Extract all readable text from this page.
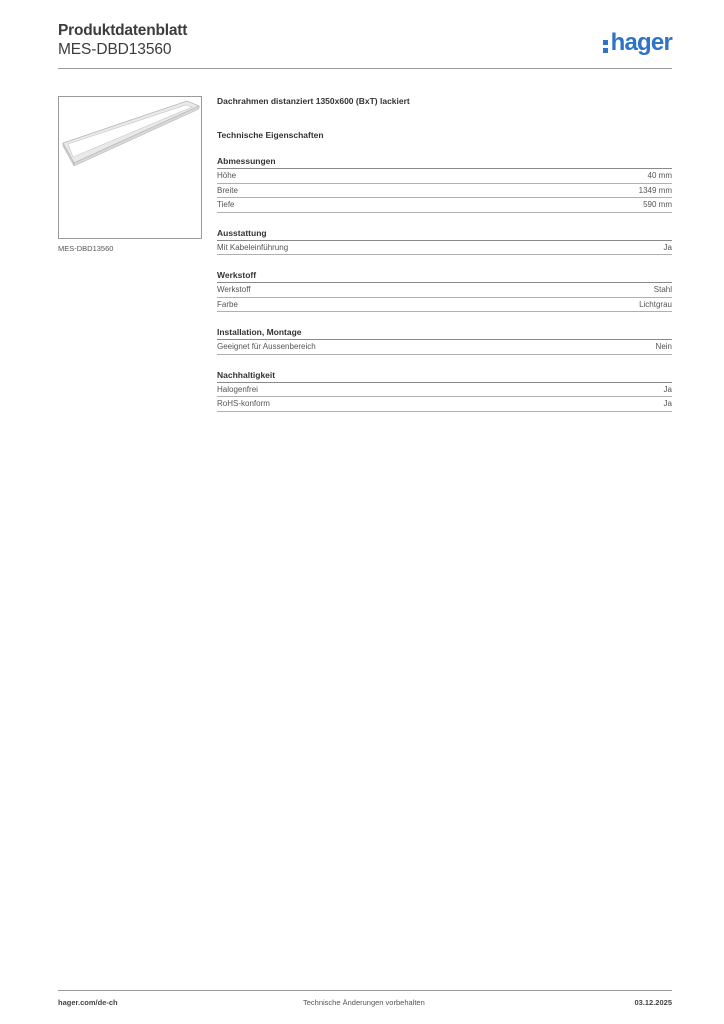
Produktdatenblatt
MES-DBD13560	hager
MES-DBD13560
Dachrahmen distanziert 1350x600 (BxT) lackiert
Technische Eigenschaften
Abmessungen
Höhe	40 mm
Breite	1349 mm
Tiefe	590 mm
Ausstattung
Mit Kabeleinführung	Ja
Werkstoff
Werkstoff	Stahl
Farbe	Lichtgrau
Installation, Montage
Geeignet für Aussenbereich	Nein
Nachhaltigkeit
Halogenfrei	Ja
RoHS-konform	Ja
hager.com/de-ch	Technische Änderungen vorbehalten	03.12.2025
